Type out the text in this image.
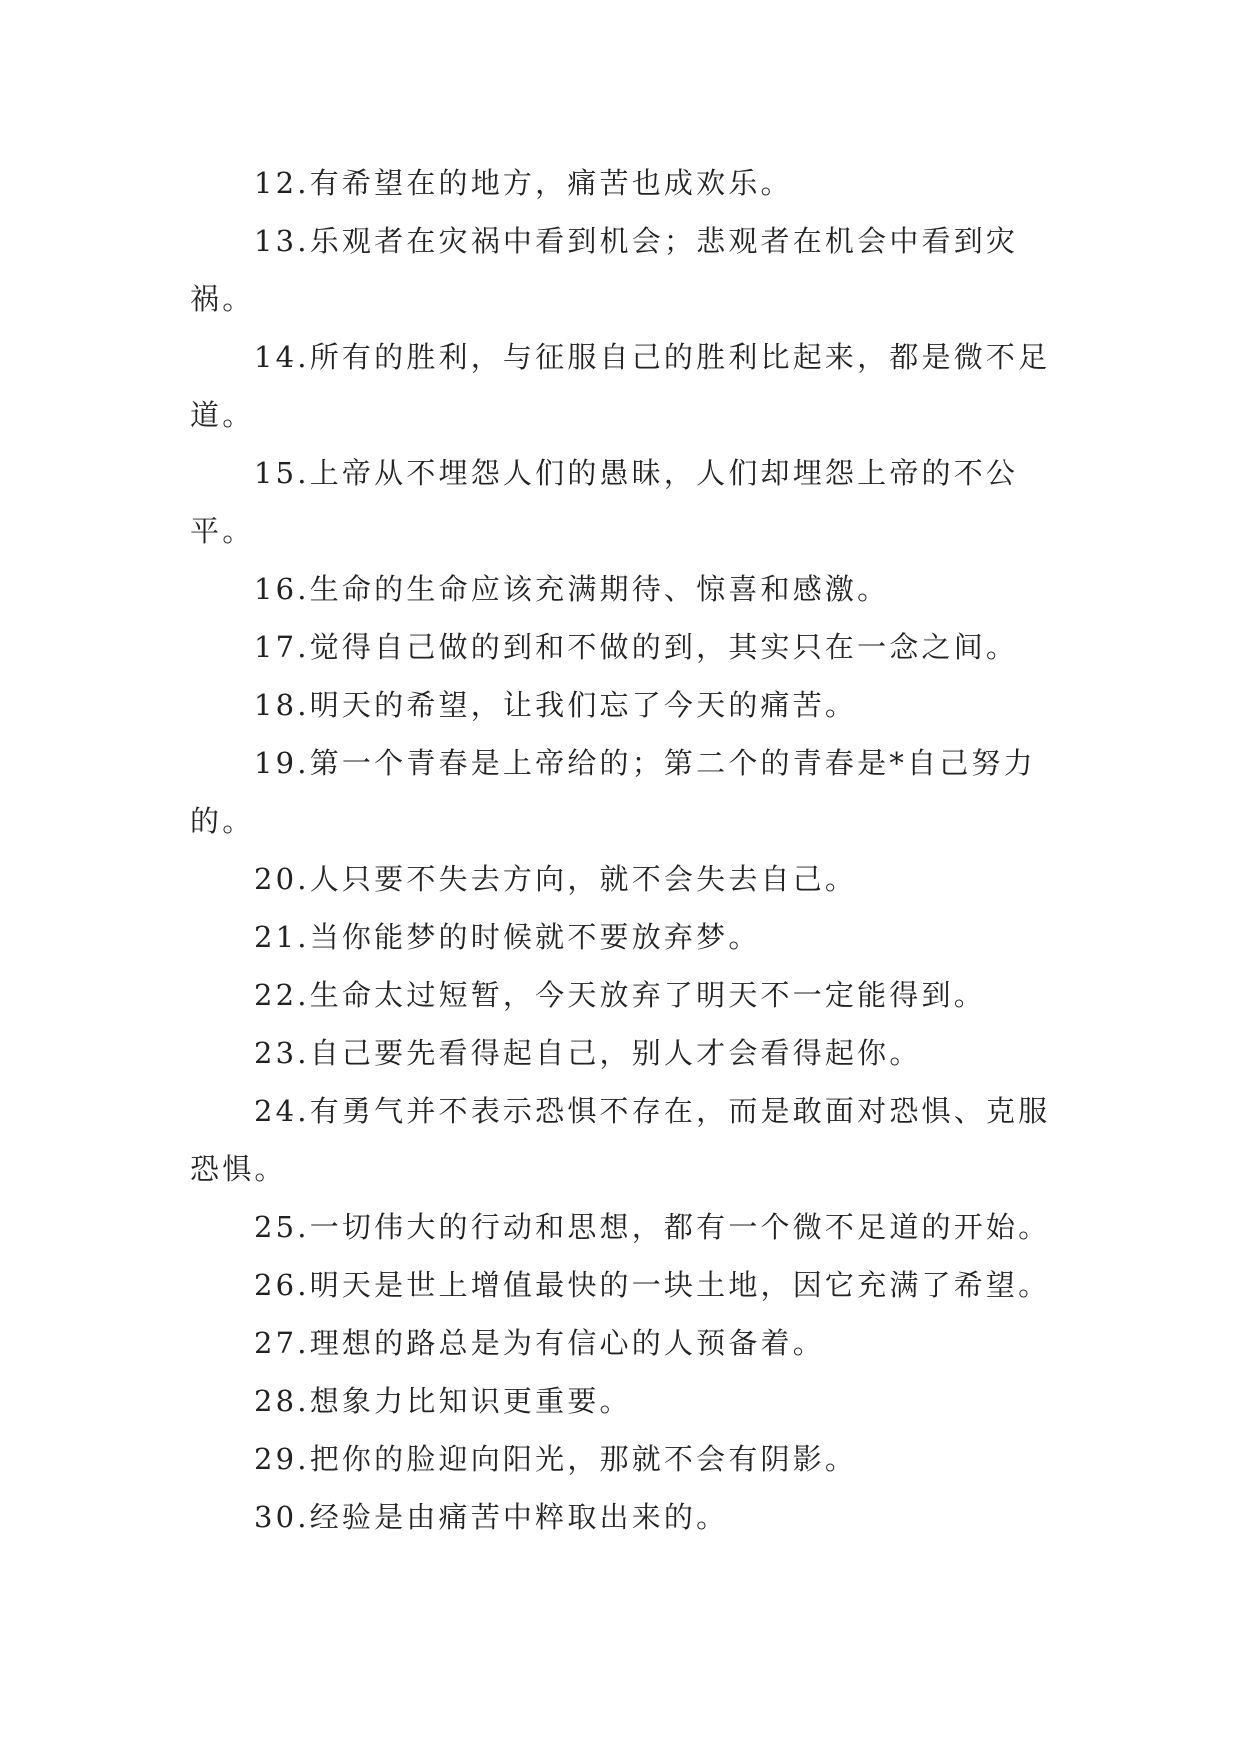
12.有希望在的地方，痛苦也成欢乐。

13.乐观者在灾祸中看到机会；悲观者在机会中看到灾祸。

14.所有的胜利，与征服自己的胜利比起来，都是微不足道。

15.上帝从不埋怨人们的愚昧，人们却埋怨上帝的不公平。

16.生命的生命应该充满期待、惊喜和感激。

17.觉得自己做的到和不做的到，其实只在一念之间。

18.明天的希望，让我们忘了今天的痛苦。

19.第一个青春是上帝给的；第二个的青春是*自己努力的。

20.人只要不失去方向，就不会失去自己。

21.当你能梦的时候就不要放弃梦。

22.生命太过短暂，今天放弃了明天不一定能得到。

23.自己要先看得起自己，别人才会看得起你。

24.有勇气并不表示恐惧不存在，而是敢面对恐惧、克服恐惧。

25.一切伟大的行动和思想，都有一个微不足道的开始。

26.明天是世上增值最快的一块土地，因它充满了希望。

27.理想的路总是为有信心的人预备着。

28.想象力比知识更重要。

29.把你的脸迎向阳光，那就不会有阴影。

30.经验是由痛苦中粹取出来的。
